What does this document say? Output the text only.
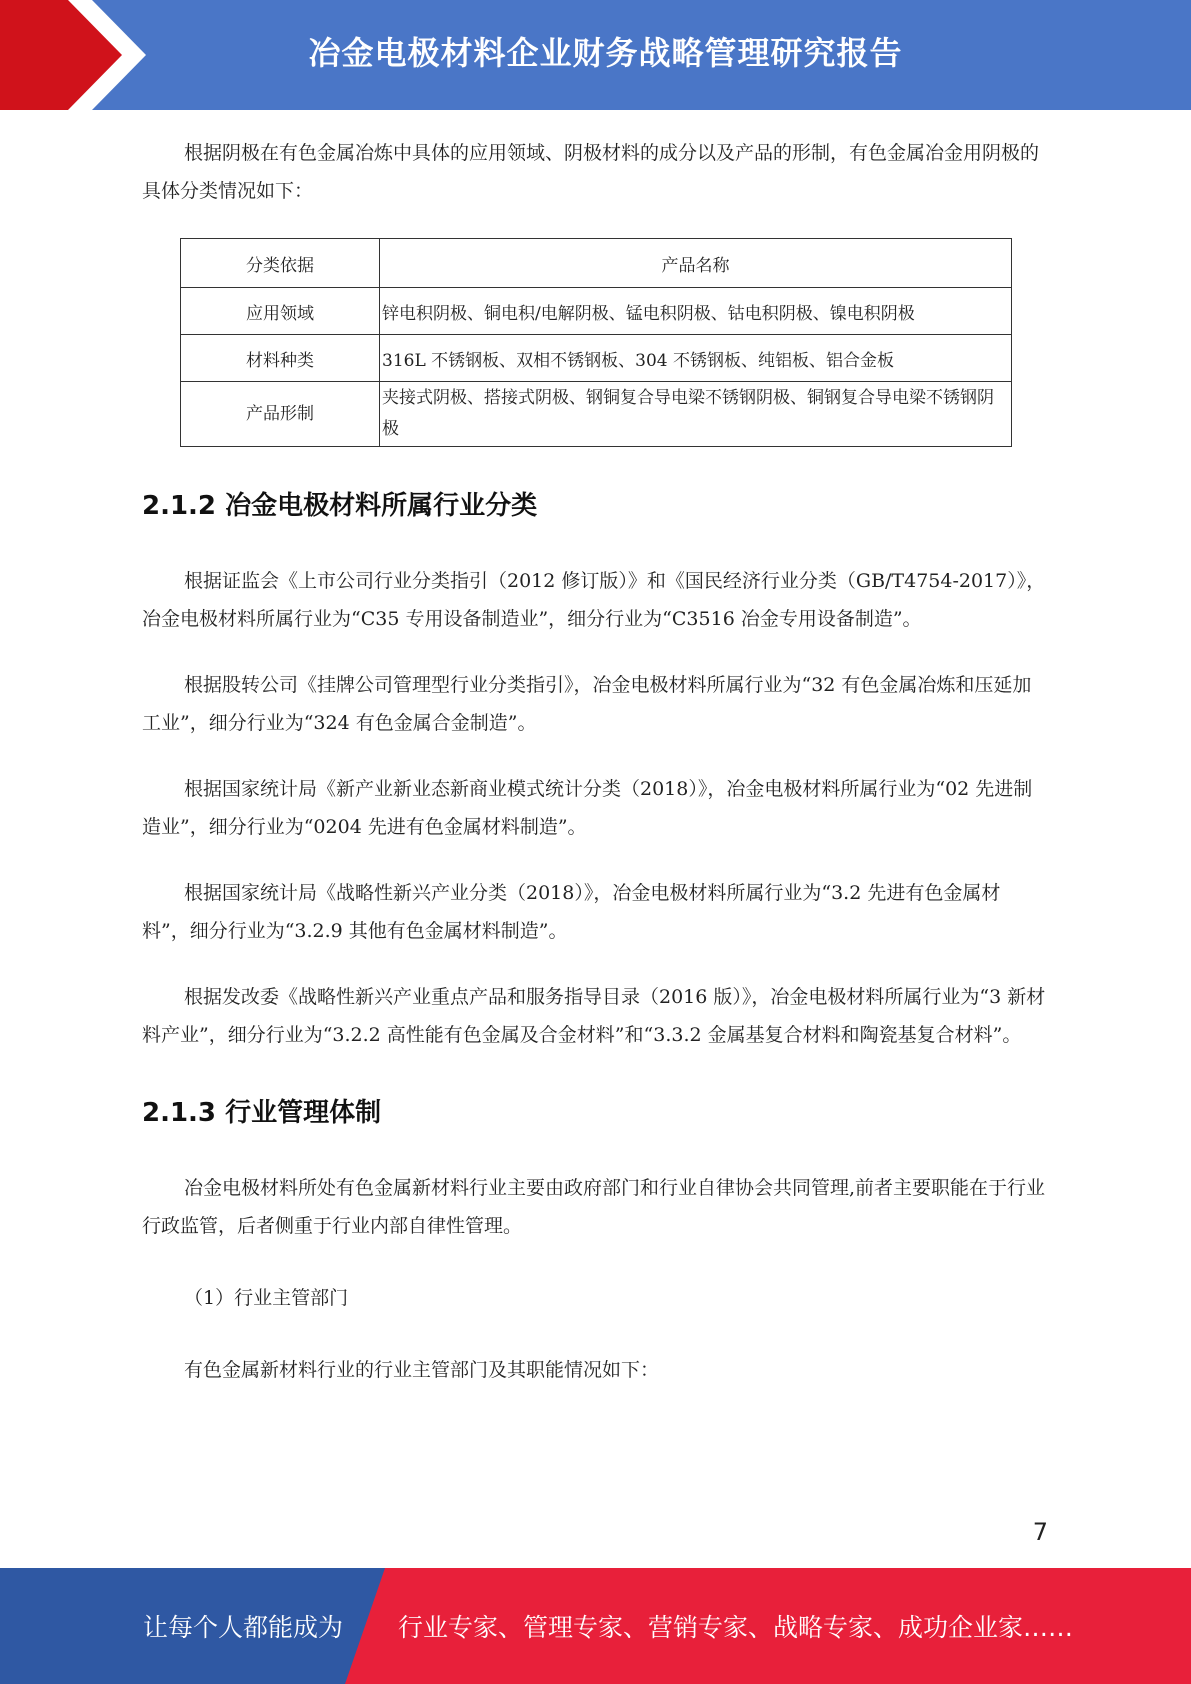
冶金电极材料企业财务战略管理研究报告

根据阴极在有色金属冶炼中具体的应用领域、阴极材料的成分以及产品的形制，有色金属冶金用阴极的具体分类情况如下：

分类依据	产品名称
应用领域	锌电积阴极、铜电积/电解阴极、锰电积阴极、钴电积阴极、镍电积阴极
材料种类	316L 不锈钢板、双相不锈钢板、304 不锈钢板、纯铝板、铝合金板
产品形制	夹接式阴极、搭接式阴极、钢铜复合导电梁不锈钢阴极、铜钢复合导电梁不锈钢阴极
2.1.2 冶金电极材料所属行业分类

根据证监会《上市公司行业分类指引（2012 修订版）》和《国民经济行业分类（GB/T4754-2017）》，冶金电极材料所属行业为“C35 专用设备制造业”，细分行业为“C3516 冶金专用设备制造”。

根据股转公司《挂牌公司管理型行业分类指引》，冶金电极材料所属行业为“32 有色金属冶炼和压延加工业”，细分行业为“324 有色金属合金制造”。

根据国家统计局《新产业新业态新商业模式统计分类（2018）》，冶金电极材料所属行业为“02 先进制造业”，细分行业为“0204 先进有色金属材料制造”。

根据国家统计局《战略性新兴产业分类（2018）》，冶金电极材料所属行业为“3.2 先进有色金属材料”，细分行业为“3.2.9 其他有色金属材料制造”。

根据发改委《战略性新兴产业重点产品和服务指导目录（2016 版）》，冶金电极材料所属行业为“3 新材料产业”，细分行业为“3.2.2 高性能有色金属及合金材料”和“3.3.2 金属基复合材料和陶瓷基复合材料”。

2.1.3 行业管理体制

冶金电极材料所处有色金属新材料行业主要由政府部门和行业自律协会共同管理,前者主要职能在于行业行政监管，后者侧重于行业内部自律性管理。

（1）行业主管部门

有色金属新材料行业的行业主管部门及其职能情况如下：

7
让每个人都能成为 行业专家、管理专家、营销专家、战略专家、成功企业家……
